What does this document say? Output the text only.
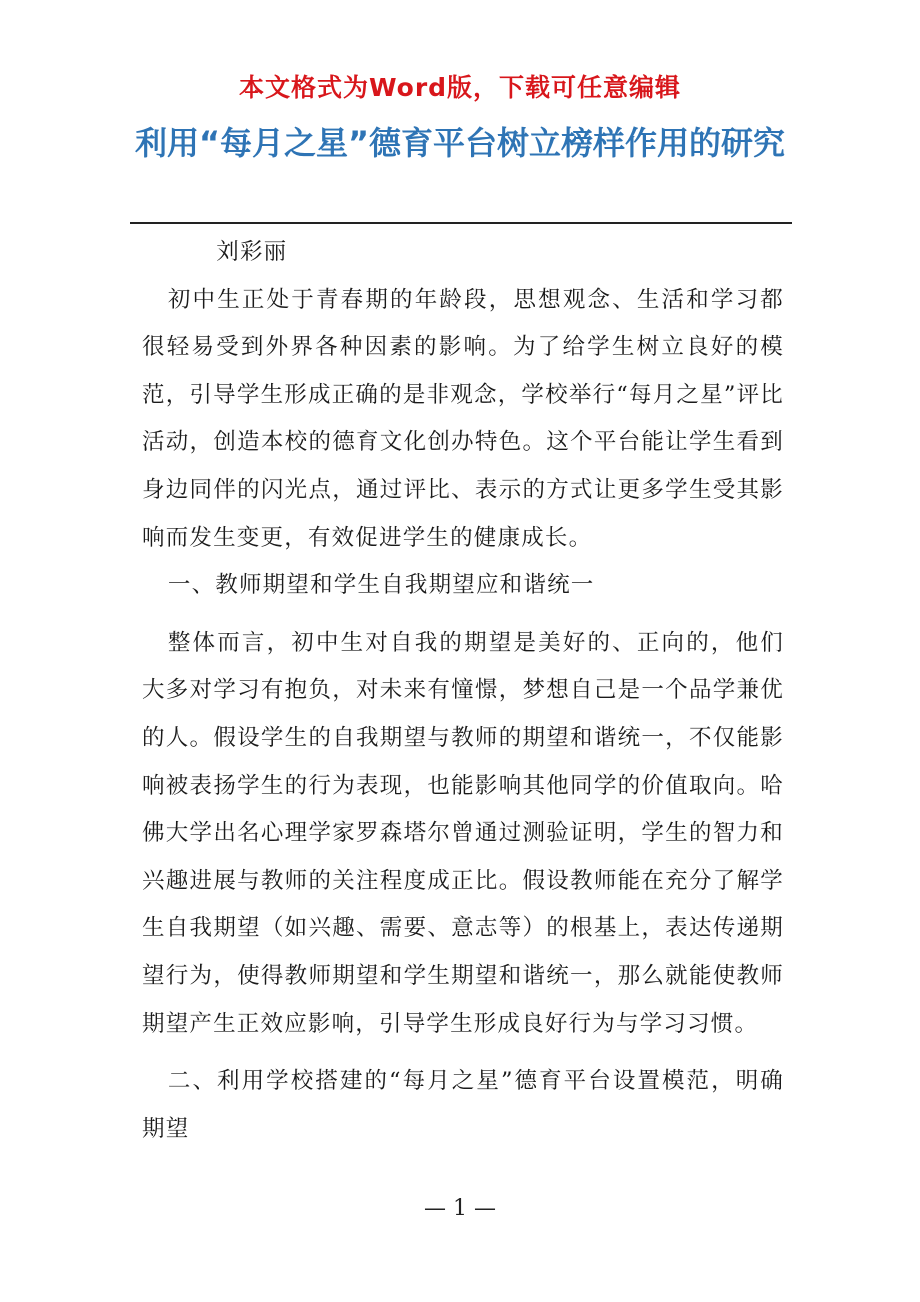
本文格式为Word版，下载可任意编辑
利用“每月之星”德育平台树立榜样作用的研究

刘彩丽

初中生正处于青春期的年龄段，思想观念、生活和学习都很轻易受到外界各种因素的影响。为了给学生树立良好的模范，引导学生形成正确的是非观念，学校举行“每月之星”评比活动，创造本校的德育文化创办特色。这个平台能让学生看到身边同伴的闪光点，通过评比、表示的方式让更多学生受其影响而发生变更，有效促进学生的健康成长。

一、教师期望和学生自我期望应和谐统一

整体而言，初中生对自我的期望是美好的、正向的，他们大多对学习有抱负，对未来有憧憬，梦想自己是一个品学兼优的人。假设学生的自我期望与教师的期望和谐统一，不仅能影响被表扬学生的行为表现，也能影响其他同学的价值取向。哈佛大学出名心理学家罗森塔尔曾通过测验证明，学生的智力和兴趣进展与教师的关注程度成正比。假设教师能在充分了解学生自我期望（如兴趣、需要、意志等）的根基上，表达传递期望行为，使得教师期望和学生期望和谐统一，那么就能使教师期望产生正效应影响，引导学生形成良好行为与学习习惯。

二、利用学校搭建的“每月之星”德育平台设置模范，明确期望

— 1 —
